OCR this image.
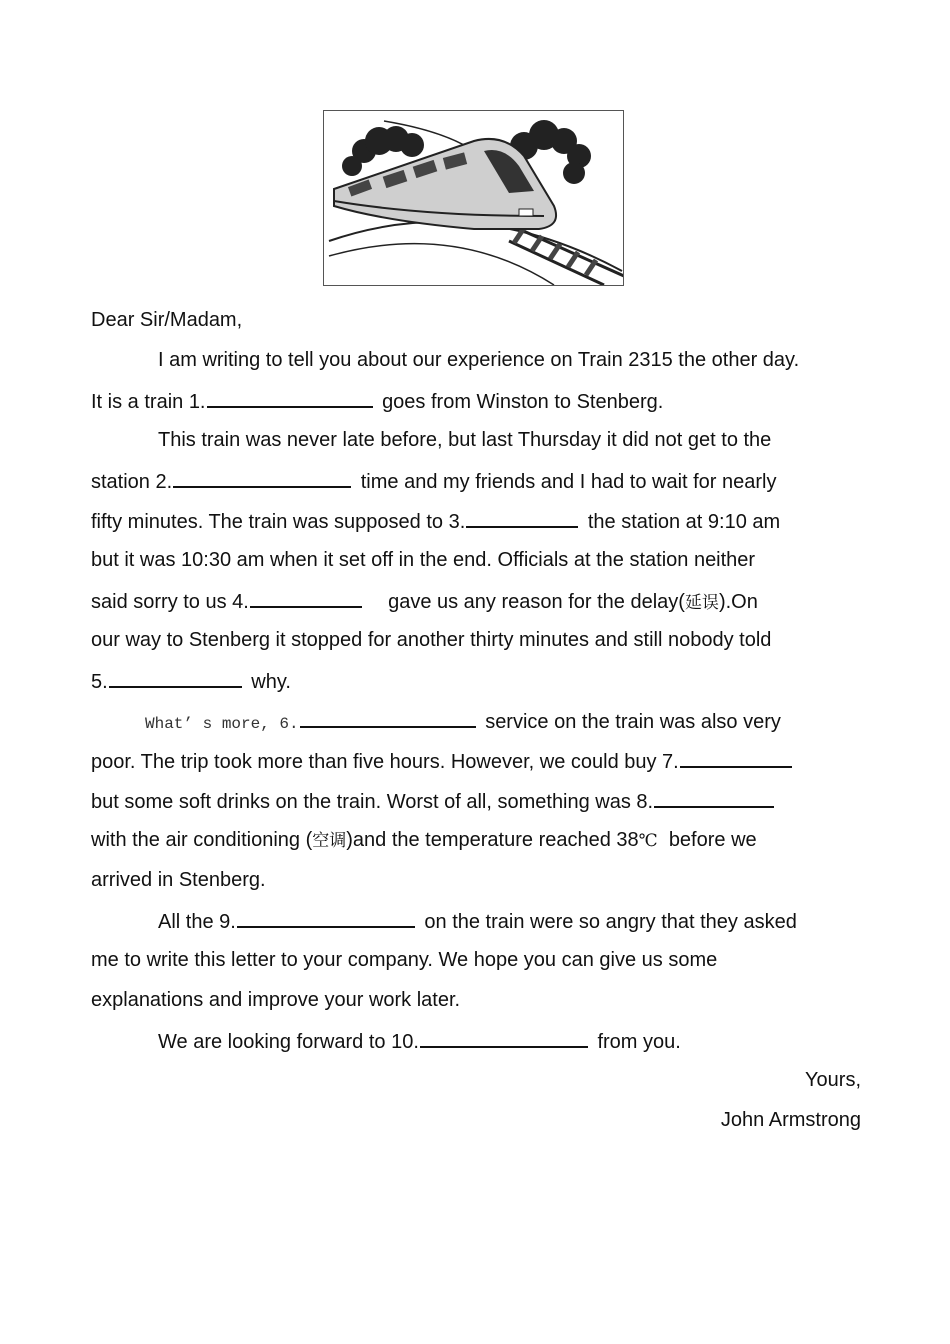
Dear Sir/Madam,
I am writing to tell you about our experience on Train 2315 the other day.
It is a train 1.	goes from Winston to Stenberg.
This train was never late before, but last Thursday it did not get to the
station 2.	time and my friends and I had to wait for nearly
fifty minutes. The train was supposed to 3.	the station at 9:10 am
but it was 10:30 am when it set off in the end. Officials at the station neither
said sorry to us 4.	gave us any reason for the delay(延误).On
our way to Stenberg it stopped for another thirty minutes and still nobody told
5.	why.
What’ s more, 6.	service on the train was also very
poor. The trip took more than five hours. However, we could buy 7.
but some soft drinks on the train. Worst of all, something was 8.
with the air conditioning (空调)and the temperature reached 38℃ before we
arrived in Stenberg.
All the 9.	on the train were so angry that they asked
me to write this letter to your company. We hope you can give us some
explanations and improve your work later.
We are looking forward to 10.	from you.
Yours,
John Armstrong
